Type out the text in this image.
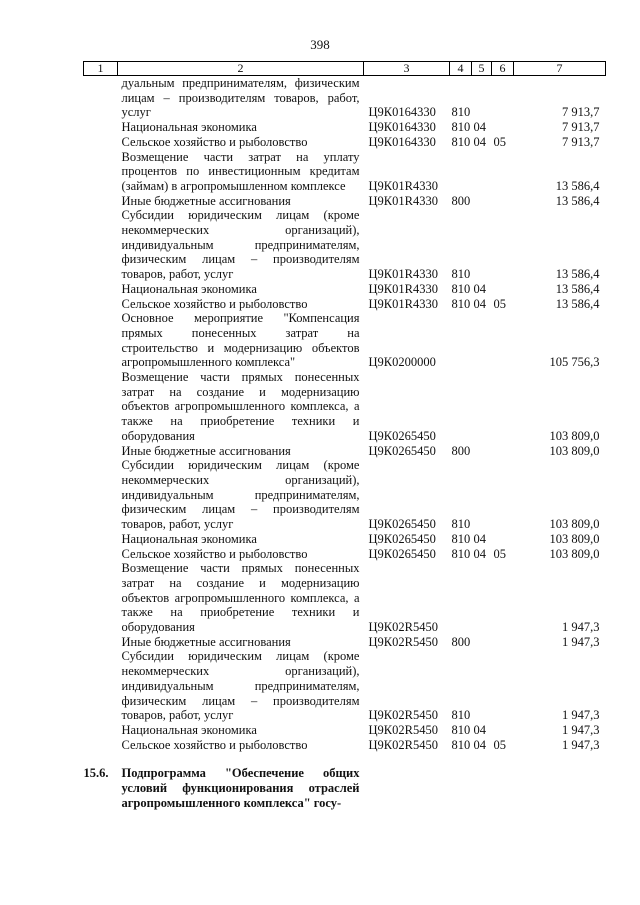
398
1	2	3	4	5	6	7
	дуальным предпринимателям, физическим лицам – производителям товаров, работ, услуг	Ц9К0164330	810			7 913,7
	Национальная экономика	Ц9К0164330	810	04		7 913,7
	Сельское хозяйство и рыболовство	Ц9К0164330	810	04	05	7 913,7
	Возмещение части затрат на уплату процентов по инвестиционным кредитам (займам) в агропромышленном комплексе	Ц9К01R4330				13 586,4
	Иные бюджетные ассигнования	Ц9К01R4330	800			13 586,4
	Субсидии юридическим лицам (кроме некоммерческих организаций), индивидуальным предпринимателям, физическим лицам – производителям товаров, работ, услуг	Ц9К01R4330	810			13 586,4
	Национальная экономика	Ц9К01R4330	810	04		13 586,4
	Сельское хозяйство и рыболовство	Ц9К01R4330	810	04	05	13 586,4
	Основное мероприятие "Компенсация прямых понесенных затрат на строительство и модернизацию объектов агропромышленного комплекса"	Ц9К0200000				105 756,3
	Возмещение части прямых понесенных затрат на создание и модернизацию объектов агропромышленного комплекса, а также на приобретение техники и оборудования	Ц9К0265450				103 809,0
	Иные бюджетные ассигнования	Ц9К0265450	800			103 809,0
	Субсидии юридическим лицам (кроме некоммерческих организаций), индивидуальным предпринимателям, физическим лицам – производителям товаров, работ, услуг	Ц9К0265450	810			103 809,0
	Национальная экономика	Ц9К0265450	810	04		103 809,0
	Сельское хозяйство и рыболовство	Ц9К0265450	810	04	05	103 809,0
	Возмещение части прямых понесенных затрат на создание и модернизацию объектов агропромышленного комплекса, а также на приобретение техники и оборудования	Ц9К02R5450				1 947,3
	Иные бюджетные ассигнования	Ц9К02R5450	800			1 947,3
	Субсидии юридическим лицам (кроме некоммерческих организаций), индивидуальным предпринимателям, физическим лицам – производителям товаров, работ, услуг	Ц9К02R5450	810			1 947,3
	Национальная экономика	Ц9К02R5450	810	04		1 947,3
	Сельское хозяйство и рыболовство	Ц9К02R5450	810	04	05	1 947,3

15.6.	Подпрограмма "Обеспечение общих условий функционирования отраслей агропромышленного комплекса" госу-					
